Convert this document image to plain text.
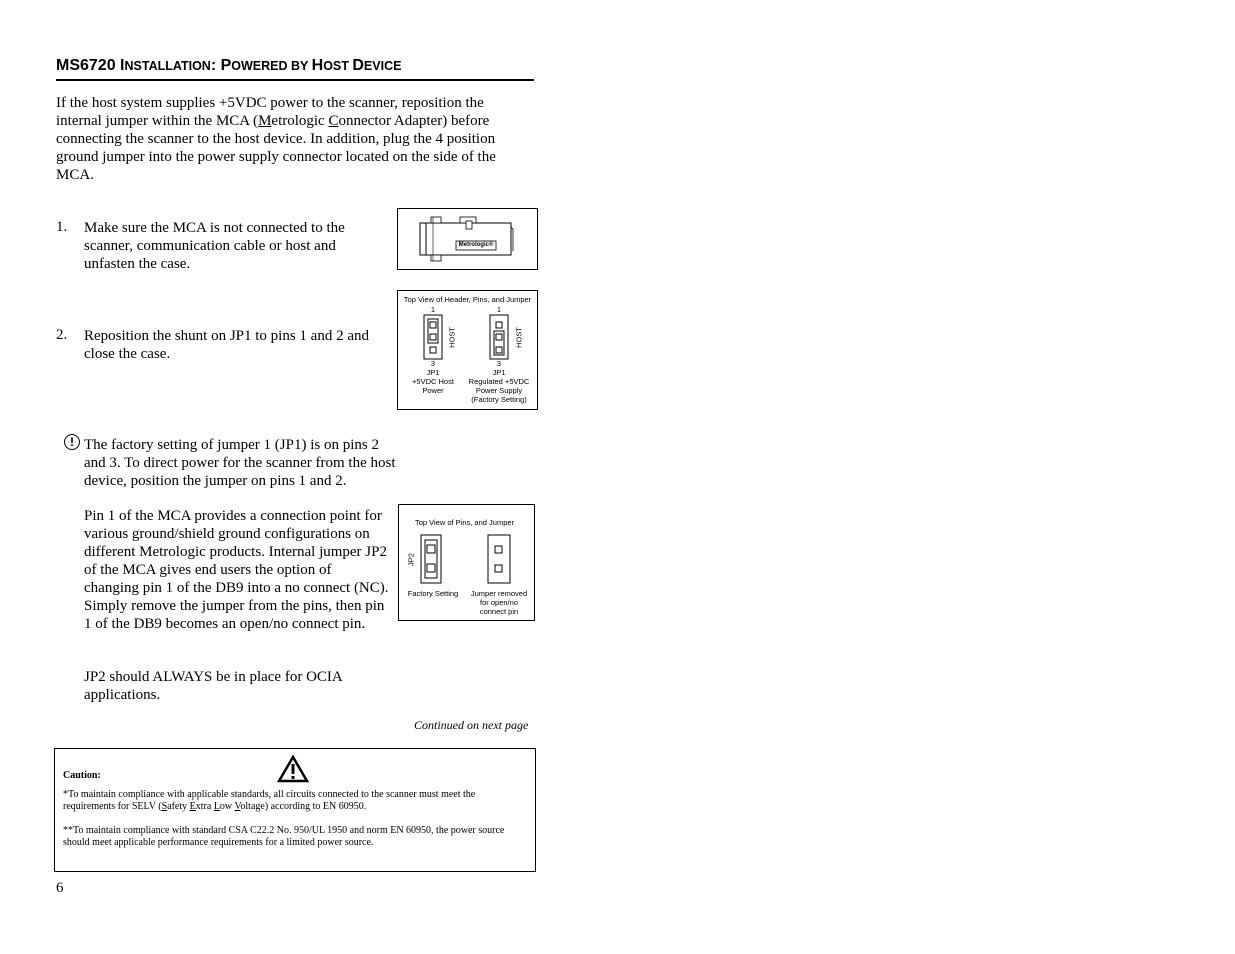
MS6720 INSTALLATION: POWERED BY HOST DEVICE
If the host system supplies +5VDC power to the scanner, reposition the internal jumper within the MCA (Metrologic Connector Adapter) before connecting the scanner to the host device. In addition, plug the 4 position ground jumper into the power supply connector located on the side of the MCA.
1. Make sure the MCA is not connected to the scanner, communication cable or host and unfasten the case.
2. Reposition the shunt on JP1 to pins 1 and 2 and close the case.
! The factory setting of jumper 1 (JP1) is on pins 2 and 3. To direct power for the scanner from the host device, position the jumper on pins 1 and 2.
Pin 1 of the MCA provides a connection point for various ground/shield ground configurations on different Metrologic products. Internal jumper JP2 of the MCA gives end users the option of changing pin 1 of the DB9 into a no connect (NC). Simply remove the jumper from the pins, then pin 1 of the DB9 becomes an open/no connect pin.
JP2 should ALWAYS be in place for OCIA applications.
Continued on next page
Metrologic®
Top View of Header, Pins, and Jumper
1	1
3	3
HOST	HOST
JP1
+5VDC Host
Power
JP1
Regulated +5VDC
Power Supply
(Factory Setting)
Top View of Pins, and Jumper
JP2
Factory Setting	Jumper removed
for open/no
connect pin
Caution:
*To maintain compliance with applicable standards, all circuits connected to the scanner must meet the requirements for SELV (Safety Extra Low Voltage) according to EN 60950.
**To maintain compliance with standard CSA C22.2 No. 950/UL 1950 and norm EN 60950, the power source should meet applicable performance requirements for a limited power source.
6
